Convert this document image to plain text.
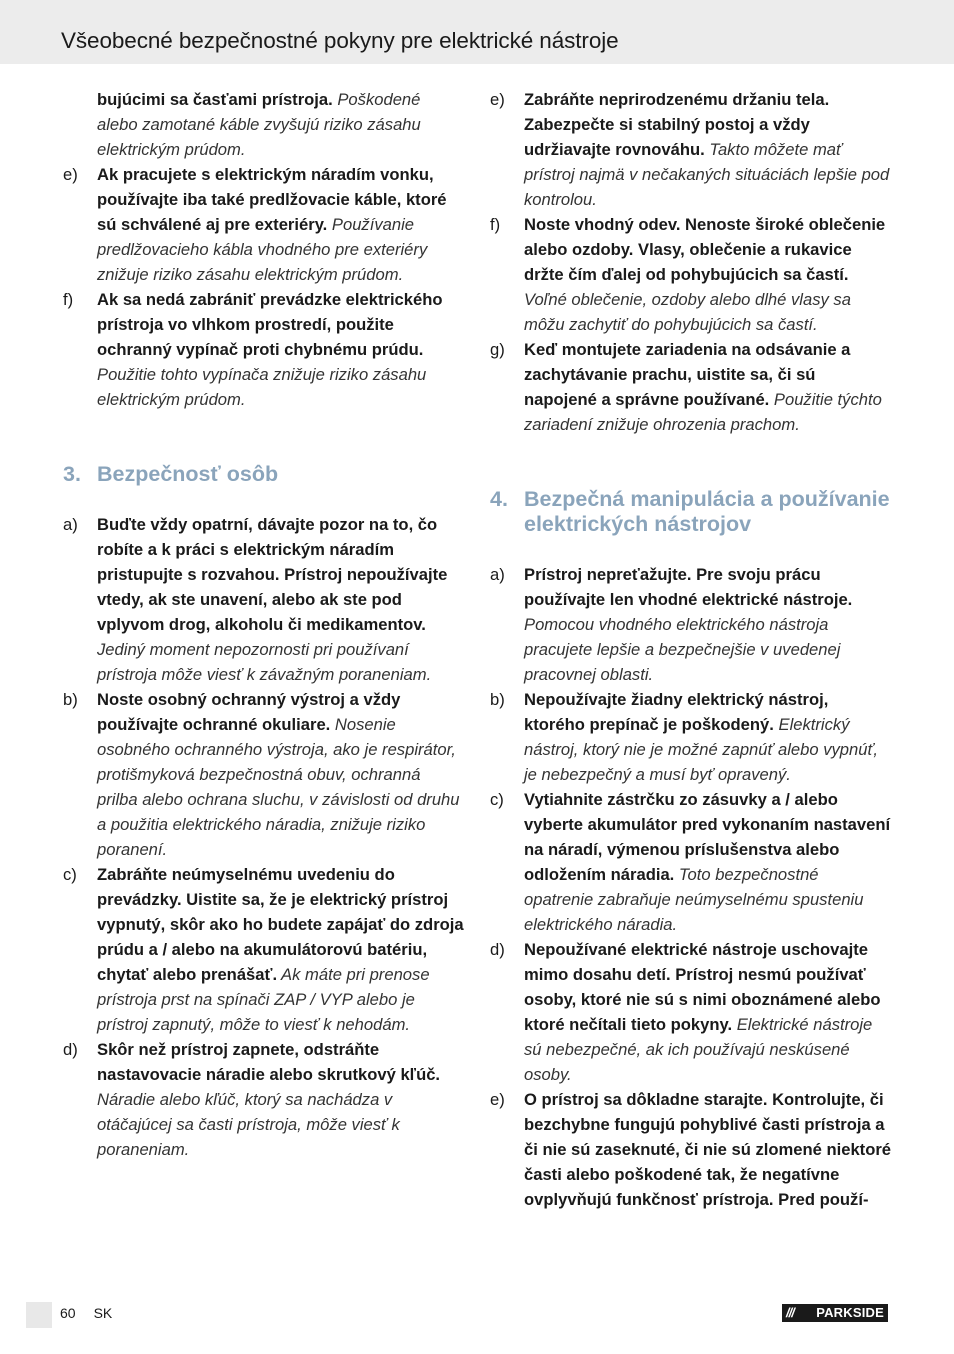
Všeobecné bezpečnostné pokyny pre elektrické nástroje
bujúcimi sa časťami prístroja. Poškodené alebo zamotané káble zvyšujú riziko zásahu elektrickým prúdom.
e) Ak pracujete s elektrickým náradím vonku, používajte iba také predlžovacie káble, ktoré sú schválené aj pre exteriéry. Používanie predlžovacieho kábla vhodného pre exteriéry znižuje riziko zásahu elektrickým prúdom.
f) Ak sa nedá zabrániť prevádzke elektrického prístroja vo vlhkom prostredí, použite ochranný vypínač proti chybnému prúdu. Použitie tohto vypínača znižuje riziko zásahu elektrickým prúdom.
3. Bezpečnosť osôb
a) Buďte vždy opatrní, dávajte pozor na to, čo robíte a k práci s elektrickým náradím pristupujte s rozvahou. Prístroj nepoužívajte vtedy, ak ste unavení, alebo ak ste pod vplyvom drog, alkoholu či medikamentov. Jediný moment nepozornosti pri používaní prístroja môže viesť k závažným poraneniam.
b) Noste osobný ochranný výstroj a vždy používajte ochranné okuliare. Nosenie osobného ochranného výstroja, ako je respirátor, protišmyková bezpečnostná obuv, ochranná prilba alebo ochrana sluchu, v závislosti od druhu a použitia elektrického náradia, znižuje riziko poranení.
c) Zabráňte neúmyselnému uvedeniu do prevádzky. Uistite sa, že je elektrický prístroj vypnutý, skôr ako ho budete zapájať do zdroja prúdu a / alebo na akumulátorovú batériu, chytať alebo prenášať. Ak máte pri prenose prístroja prst na spínači ZAP / VYP alebo je prístroj zapnutý, môže to viesť k nehodám.
d) Skôr než prístroj zapnete, odstráňte nastavovacie náradie alebo skrutkový kľúč. Náradie alebo kľúč, ktorý sa nachádza v otáčajúcej sa časti prístroja, môže viesť k poraneniam.
e) Zabráňte neprirodzenému držaniu tela. Zabezpečte si stabilný postoj a vždy udržiavajte rovnováhu. Takto môžete mať prístroj najmä v nečakaných situáciách lepšie pod kontrolou.
f) Noste vhodný odev. Nenoste široké oblečenie alebo ozdoby. Vlasy, oblečenie a rukavice držte čím ďalej od pohybujúcich sa častí. Voľné oblečenie, ozdoby alebo dlhé vlasy sa môžu zachytiť do pohybujúcich sa častí.
g) Keď montujete zariadenia na odsávanie a zachytávanie prachu, uistite sa, či sú napojené a správne používané. Použitie týchto zariadení znižuje ohrozenia prachom.
4. Bezpečná manipulácia a používanie elektrických nástrojov
a) Prístroj nepreťažujte. Pre svoju prácu používajte len vhodné elektrické nástroje. Pomocou vhodného elektrického nástroja pracujete lepšie a bezpečnejšie v uvedenej pracovnej oblasti.
b) Nepoužívajte žiadny elektrický nástroj, ktorého prepínač je poškodený. Elektrický nástroj, ktorý nie je možné zapnúť alebo vypnúť, je nebezpečný a musí byť opravený.
c) Vytiahnite zástrčku zo zásuvky a / alebo vyberte akumulátor pred vykonaním nastavení na náradí, výmenou príslušenstva alebo odložením náradia. Toto bezpečnostné opatrenie zabraňuje neúmyselnému spusteniu elektrického náradia.
d) Nepoužívané elektrické nástroje uschovajte mimo dosahu detí. Prístroj nesmú používať osoby, ktoré nie sú s nimi oboznámené alebo ktoré nečítali tieto pokyny. Elektrické nástroje sú nebezpečné, ak ich používajú neskúsené osoby.
e) O prístroj sa dôkladne starajte. Kontrolujte, či bezchybne fungujú pohyblivé časti prístroja a či nie sú zaseknuté, či nie sú zlomené niektoré časti alebo poškodené tak, že negatívne ovplyvňujú funkčnosť prístroja. Pred použí-
60 SK	/// PARKSIDE
